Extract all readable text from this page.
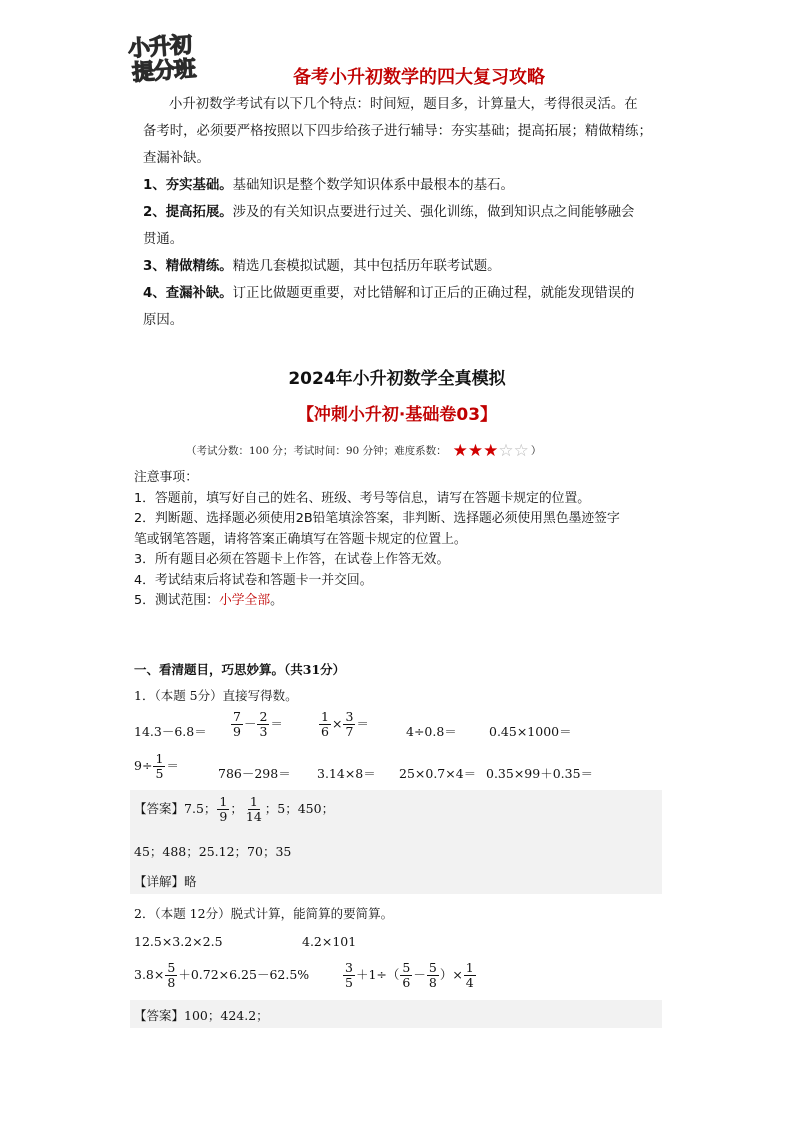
小升初
提分班	备考小升初数学的四大复习攻略
小升初数学考试有以下几个特点：时间短，题目多，计算量大，考得很灵活。在
备考时，必须要严格按照以下四步给孩子进行辅导：夯实基础；提高拓展；精做精练；
查漏补缺。
1、夯实基础。基础知识是整个数学知识体系中最根本的基石。
2、提高拓展。涉及的有关知识点要进行过关、强化训练，做到知识点之间能够融会
贯通。
3、精做精练。精选几套模拟试题，其中包括历年联考试题。
4、查漏补缺。订正比做题更重要，对比错解和订正后的正确过程，就能发现错误的
原因。
2024年小升初数学全真模拟
【冲刺小升初·基础卷03】
（考试分数：100 分；考试时间：90 分钟；难度系数： ★ ★ ★ ☆ ☆ ）
注意事项：
1．答题前，填写好自己的姓名、班级、考号等信息，请写在答题卡规定的位置。
2．判断题、选择题必须使用2B铅笔填涂答案，非判断、选择题必须使用黑色墨迹签字
笔或钢笔答题，请将答案正确填写在答题卡规定的位置上。
3．所有题目必须在答题卡上作答，在试卷上作答无效。
4．考试结束后将试卷和答题卡一并交回。
5．测试范围：小学全部。
一、看清题目，巧思妙算。（共31分）
1．（本题 5分）直接写得数。
$14.3-6.8= \frac{7}{9} - \frac{2}{3}$ ＝	$\frac{1}{6} \times \frac{3}{7}$ ＝
4÷0.8＝	0.45×1000＝
$9\div \frac{1}{5}$ ＝
786－298＝ 3.14×8＝ 25×0.7×4＝ 0.35×99＋0.35＝
【答案】7.5； $\frac{1}{9}$ ； $\frac{1}{14}$ ；5；450；
45；488；25.12；70；35
【详解】略
2．（本题 12分）脱式计算，能简算的要简算。
12.5×3.2×2.5	4.2×101
$3.8\times \frac{5}{8} +0.72\times 6.25-62.5\%$	$\frac{3}{5} +1\div( \frac{5}{6} - \frac{5}{8}$ ）× $\frac{1}{4}$
【答案】100；424.2；
